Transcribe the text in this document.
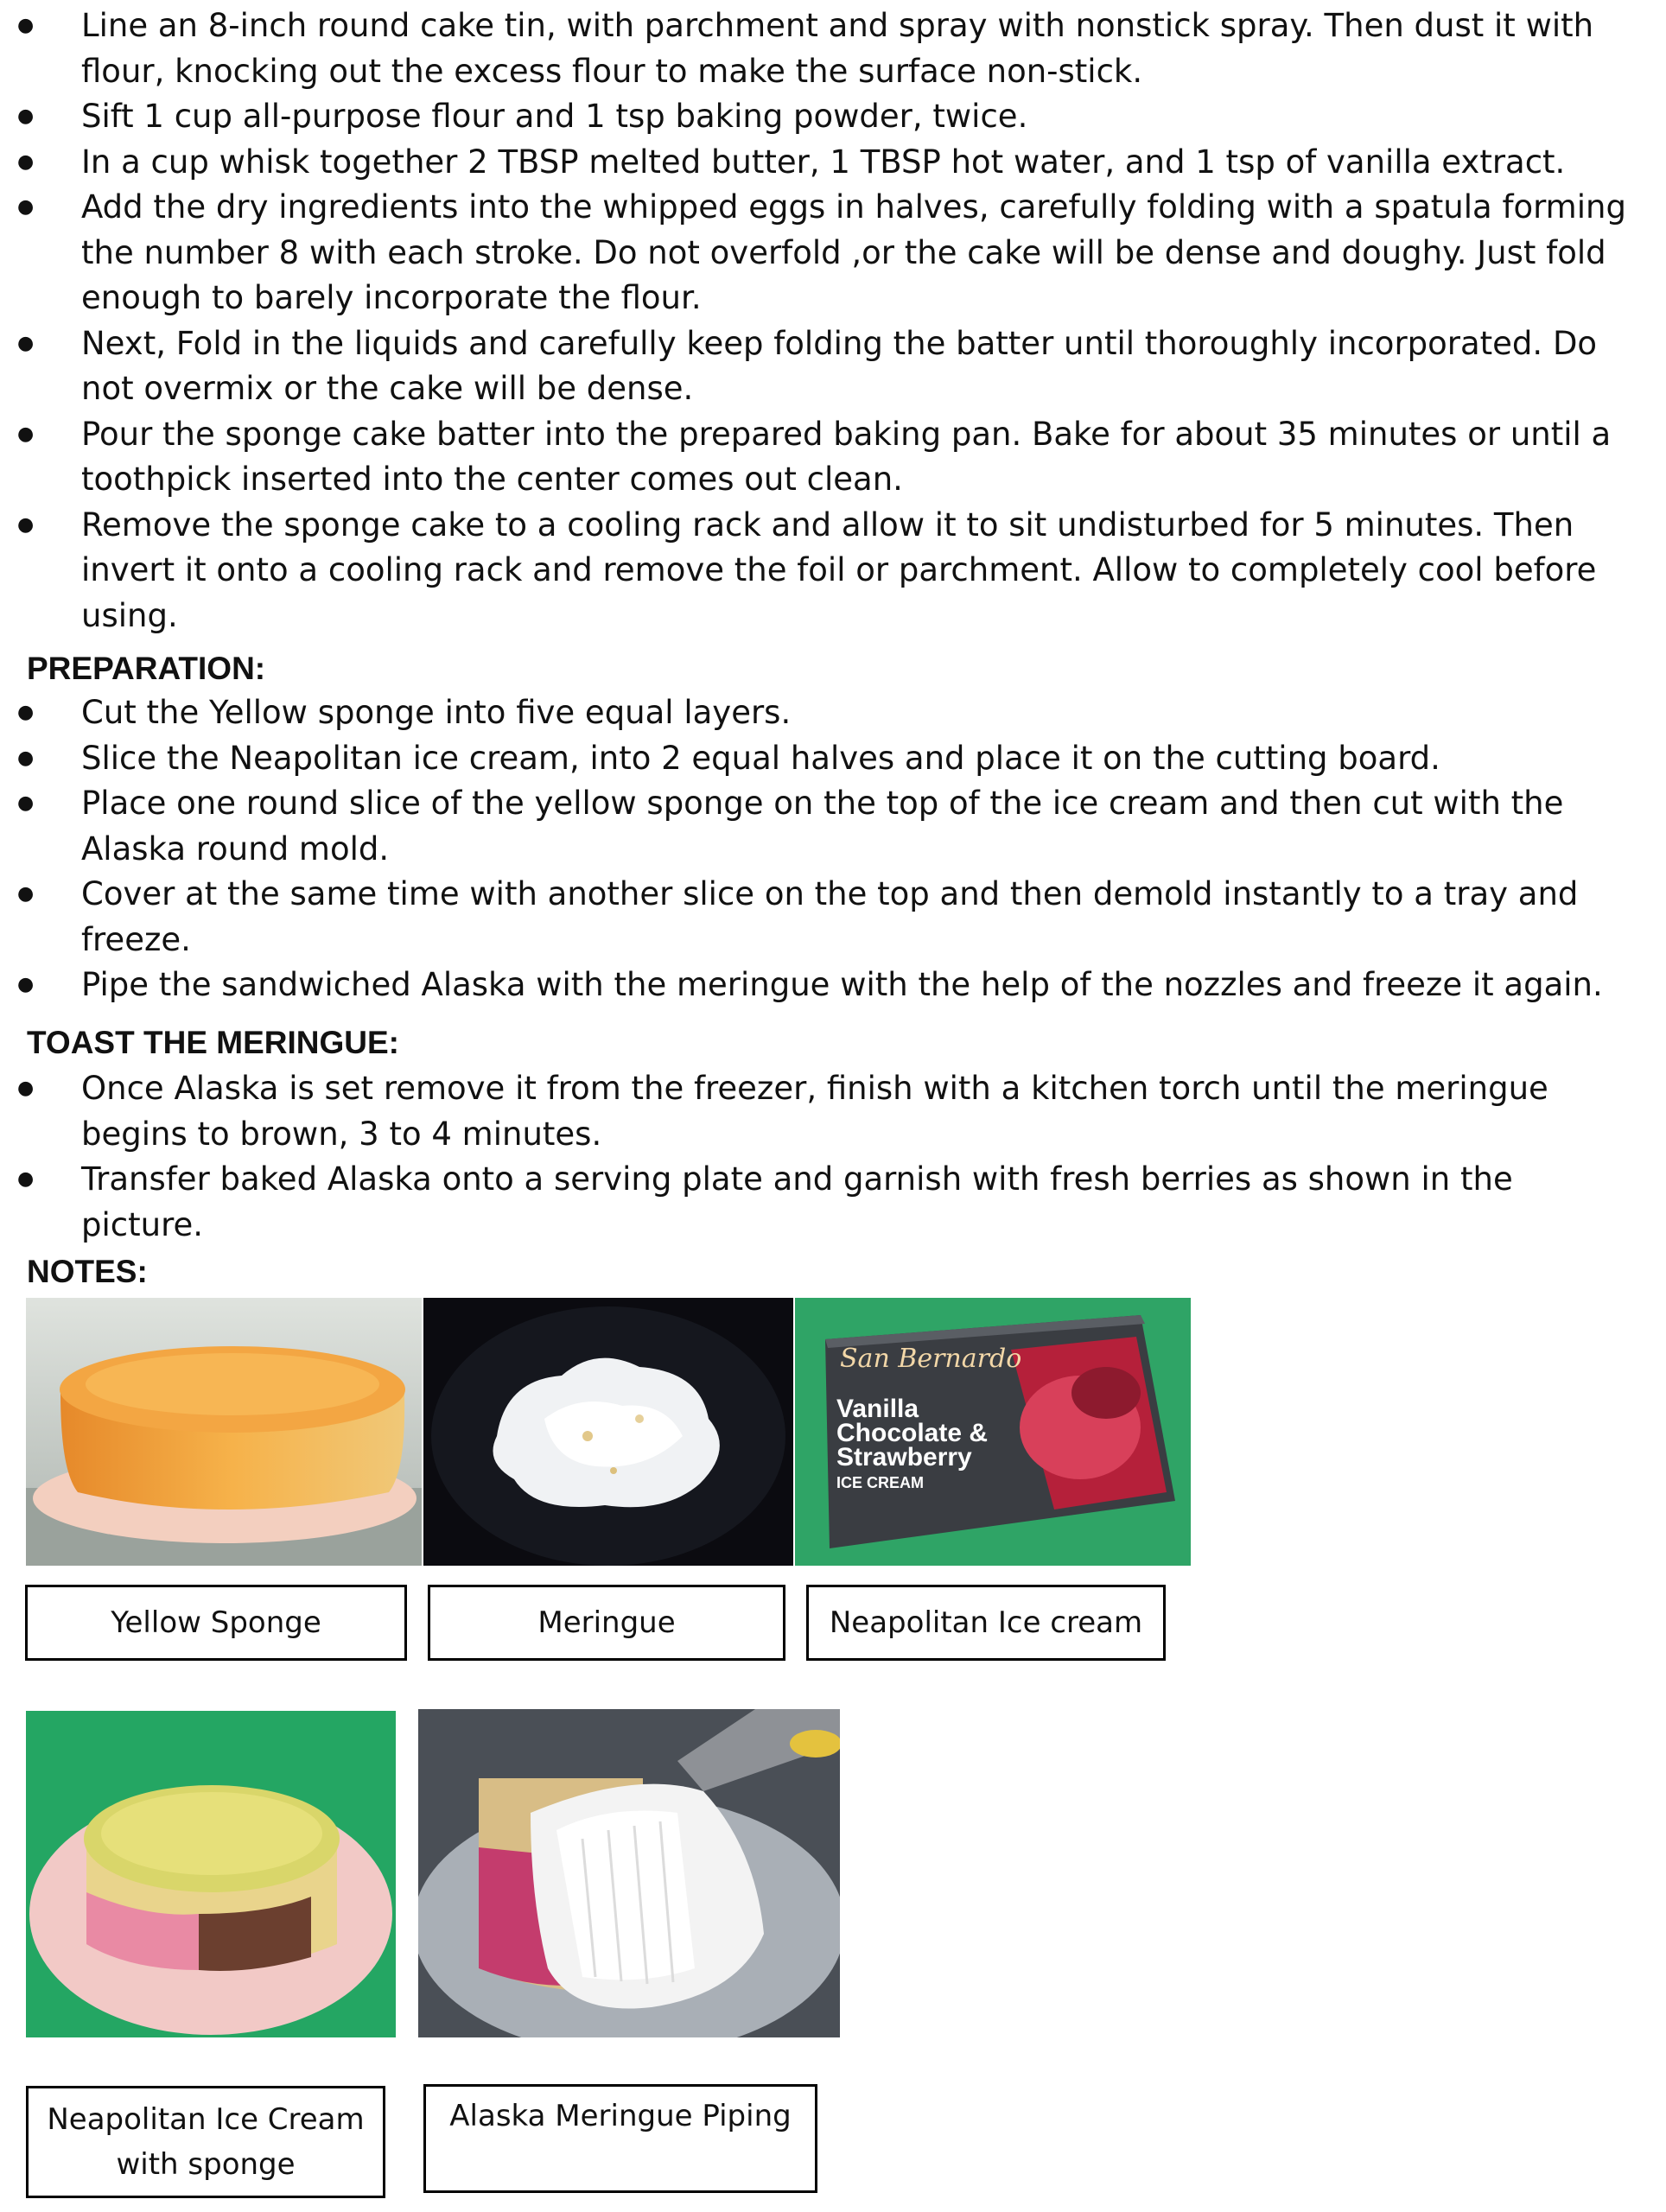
● Line an 8-inch round cake tin, with parchment and spray with nonstick spray. Then dust it with flour, knocking out the excess flour to make the surface non-stick.
● Sift 1 cup all-purpose flour and 1 tsp baking powder, twice.
● In a cup whisk together 2 TBSP melted butter, 1 TBSP hot water, and 1 tsp of vanilla extract.
● Add the dry ingredients into the whipped eggs in halves, carefully folding with a spatula forming the number 8 with each stroke. Do not overfold ,or the cake will be dense and doughy. Just fold enough to barely incorporate the flour.
● Next, Fold in the liquids and carefully keep folding the batter until thoroughly incorporated. Do not overmix or the cake will be dense.
● Pour the sponge cake batter into the prepared baking pan. Bake for about 35 minutes or until a toothpick inserted into the center comes out clean.
● Remove the sponge cake to a cooling rack and allow it to sit undisturbed for 5 minutes. Then invert it onto a cooling rack and remove the foil or parchment. Allow to completely cool before using.
PREPARATION:
● Cut the Yellow sponge into five equal layers.
● Slice the Neapolitan ice cream, into 2 equal halves and place it on the cutting board.
● Place one round slice of the yellow sponge on the top of the ice cream and then cut with the Alaska round mold.
● Cover at the same time with another slice on the top and then demold instantly to a tray and freeze.
● Pipe the sandwiched Alaska with the meringue with the help of the nozzles and freeze it again.
TOAST THE MERINGUE:
● Once Alaska is set remove it from the freezer, finish with a kitchen torch until the meringue begins to brown, 3 to 4 minutes.
● Transfer baked Alaska onto a serving plate and garnish with fresh berries as shown in the picture.
NOTES:
San Bernardo
Vanilla
Chocolate &
Strawberry
ICE CREAM
Yellow Sponge	Meringue	Neapolitan Ice cream
Neapolitan Ice Cream
with sponge
Alaska Meringue Piping
